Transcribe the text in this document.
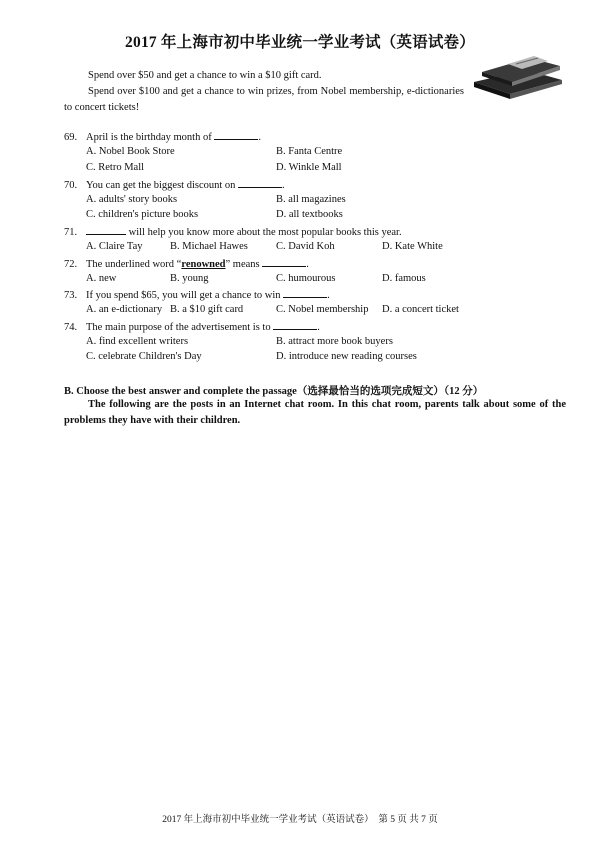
2017 年上海市初中毕业统一学业考试（英语试卷）
Spend over $50 and get a chance to win a $10 gift card.
Spend over $100 and get a chance to win prizes, from Nobel membership, e-dictionaries to concert tickets!
69. April is the birthday month of	.
A. Nobel Book Store	B. Fanta Centre
C. Retro Mall	D. Winkle Mall
70. You can get the biggest discount on	.
A. adults' story books	B. all magazines
C. children's picture books	D. all textbooks
71.	will help you know more about the most popular books this year.
A. Claire Tay	B. Michael Hawes	C. David Koh	D. Kate White
72. The underlined word “renowned” means	.
A. new	B. young	C. humourous	D. famous
73. If you spend $65, you will get a chance to win	.
A. an e-dictionary B. a $10 gift card	C. Nobel membership D. a concert ticket
74. The main purpose of the advertisement is to	.
A. find excellent writers	B. attract more book buyers
C. celebrate Children's Day	D. introduce new reading courses
B. Choose the best answer and complete the passage（选择最恰当的选项完成短文）（12 分）
The following are the posts in an Internet chat room. In this chat room, parents talk about some of the problems they have with their children.
2017 年上海市初中毕业统一学业考试（英语试卷）　第 5 页 共 7 页
